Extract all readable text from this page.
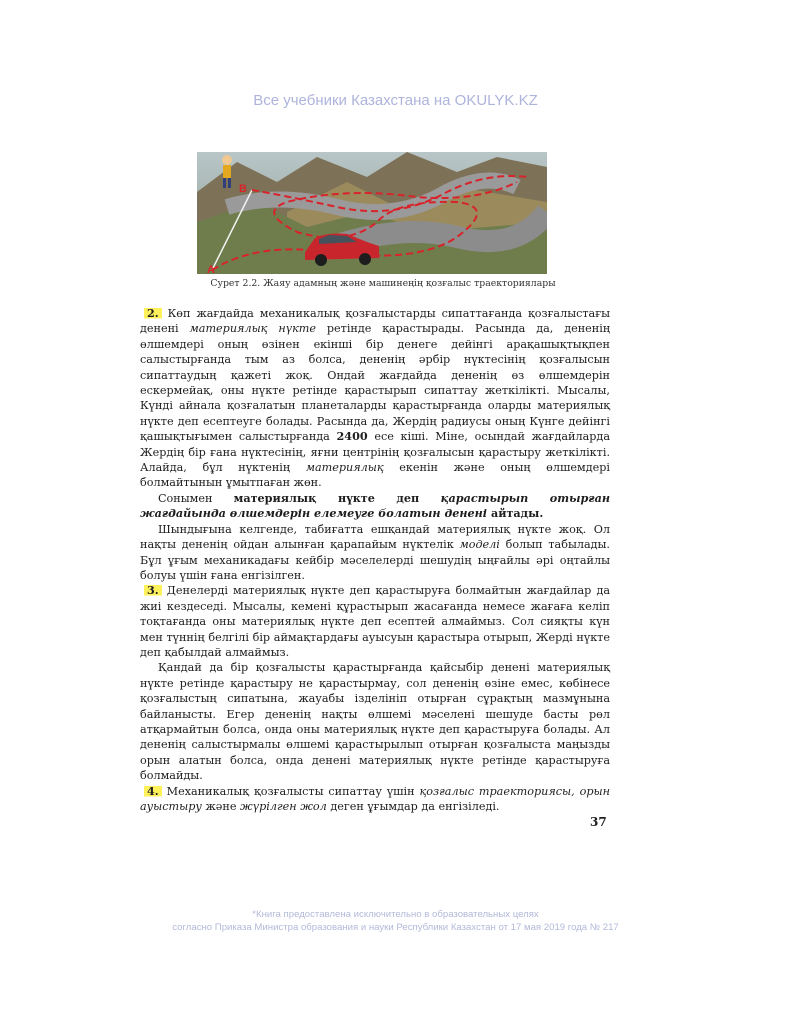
Все учебники Казахстана на OKULYK.KZ
B
A
Сурет 2.2. Жаяу адамның және машинеңің қозғалыс траекториялары

2. Көп жағдайда механикалық қозғалыстарды сипаттағанда қозғалыстағы денені материялық нүкте ретінде қарастырады. Расында да, дененің өлшемдері оның өзінен екінші бір денеге дейінгі арақашықтықпен салыстырғанда тым аз болса, дененің әрбір нүктесінің қозғалысын сипаттаудың қажеті жоқ. Ондай жағдайда дененің өз өлшемдерін ескермейақ, оны нүкте ретінде қарастырып сипаттау жеткілікті. Мысалы, Күнді айнала қозғалатын планеталарды қарастырғанда оларды материялық нүкте деп есептеуге болады. Расында да, Жердің радиусы оның Күнге дейінгі қашықтығымен салыстырғанда 2400 есе кіші. Міне, осындай жағдайларда Жердің бір ғана нүктесінің, яғни центрінің қозғалысын қарастыру жеткілікті. Алайда, бұл нүктенің материялық екенін және оның өлшемдері болмайтынын ұмытпаған жөн.

Сонымен материялық нүкте деп қарастырып отырған жағдайында өлшемдерін елемеуге болатын денені айтады.

Шындығына келгенде, табиғатта ешқандай материялық нүкте жоқ. Ол нақты дененің ойдан алынған қарапайым нүктелік моделі болып табылады. Бұл ұғым механикадағы кейбір мәселелерді шешудің ыңғайлы әрі оңтайлы болуы үшін ғана енгізілген.

3. Денелерді материялық нүкте деп қарастыруға болмайтын жағдайлар да жиі кездеседі. Мысалы, кемені құрастырып жасағанда немесе жағаға келіп тоқтағанда оны материялық нүкте деп есептей алмаймыз. Сол сияқты күн мен түннің белгілі бір аймақтардағы ауысуын қарастыра отырып, Жерді нүкте деп қабылдай алмаймыз.

Қандай да бір қозғалысты қарастырғанда қайсыбір денені материялық нүкте ретінде қарастыру не қарастырмау, сол дененің өзіне емес, көбінесе қозғалыстың сипатына, жауабы ізделініп отырған сұрақтың мазмұнына байланысты. Егер дененің нақты өлшемі мәселені шешуде басты рөл атқармайтын болса, онда оны материялық нүкте деп қарастыруға болады. Ал дененің салыстырмалы өлшемі қарастырылып отырған қозғалыста маңызды орын алатын болса, онда денені материялық нүкте ретінде қарастыруға болмайды.

4. Механикалық қозғалысты сипаттау үшін қозғалыс траекториясы, орын ауыстыру және жүрілген жол деген ұғымдар да енгізіледі.

37
*Книга предоставлена исключительно в образовательных целях
согласно Приказа Министра образования и науки Республики Казахстан от 17 мая 2019 года № 217
